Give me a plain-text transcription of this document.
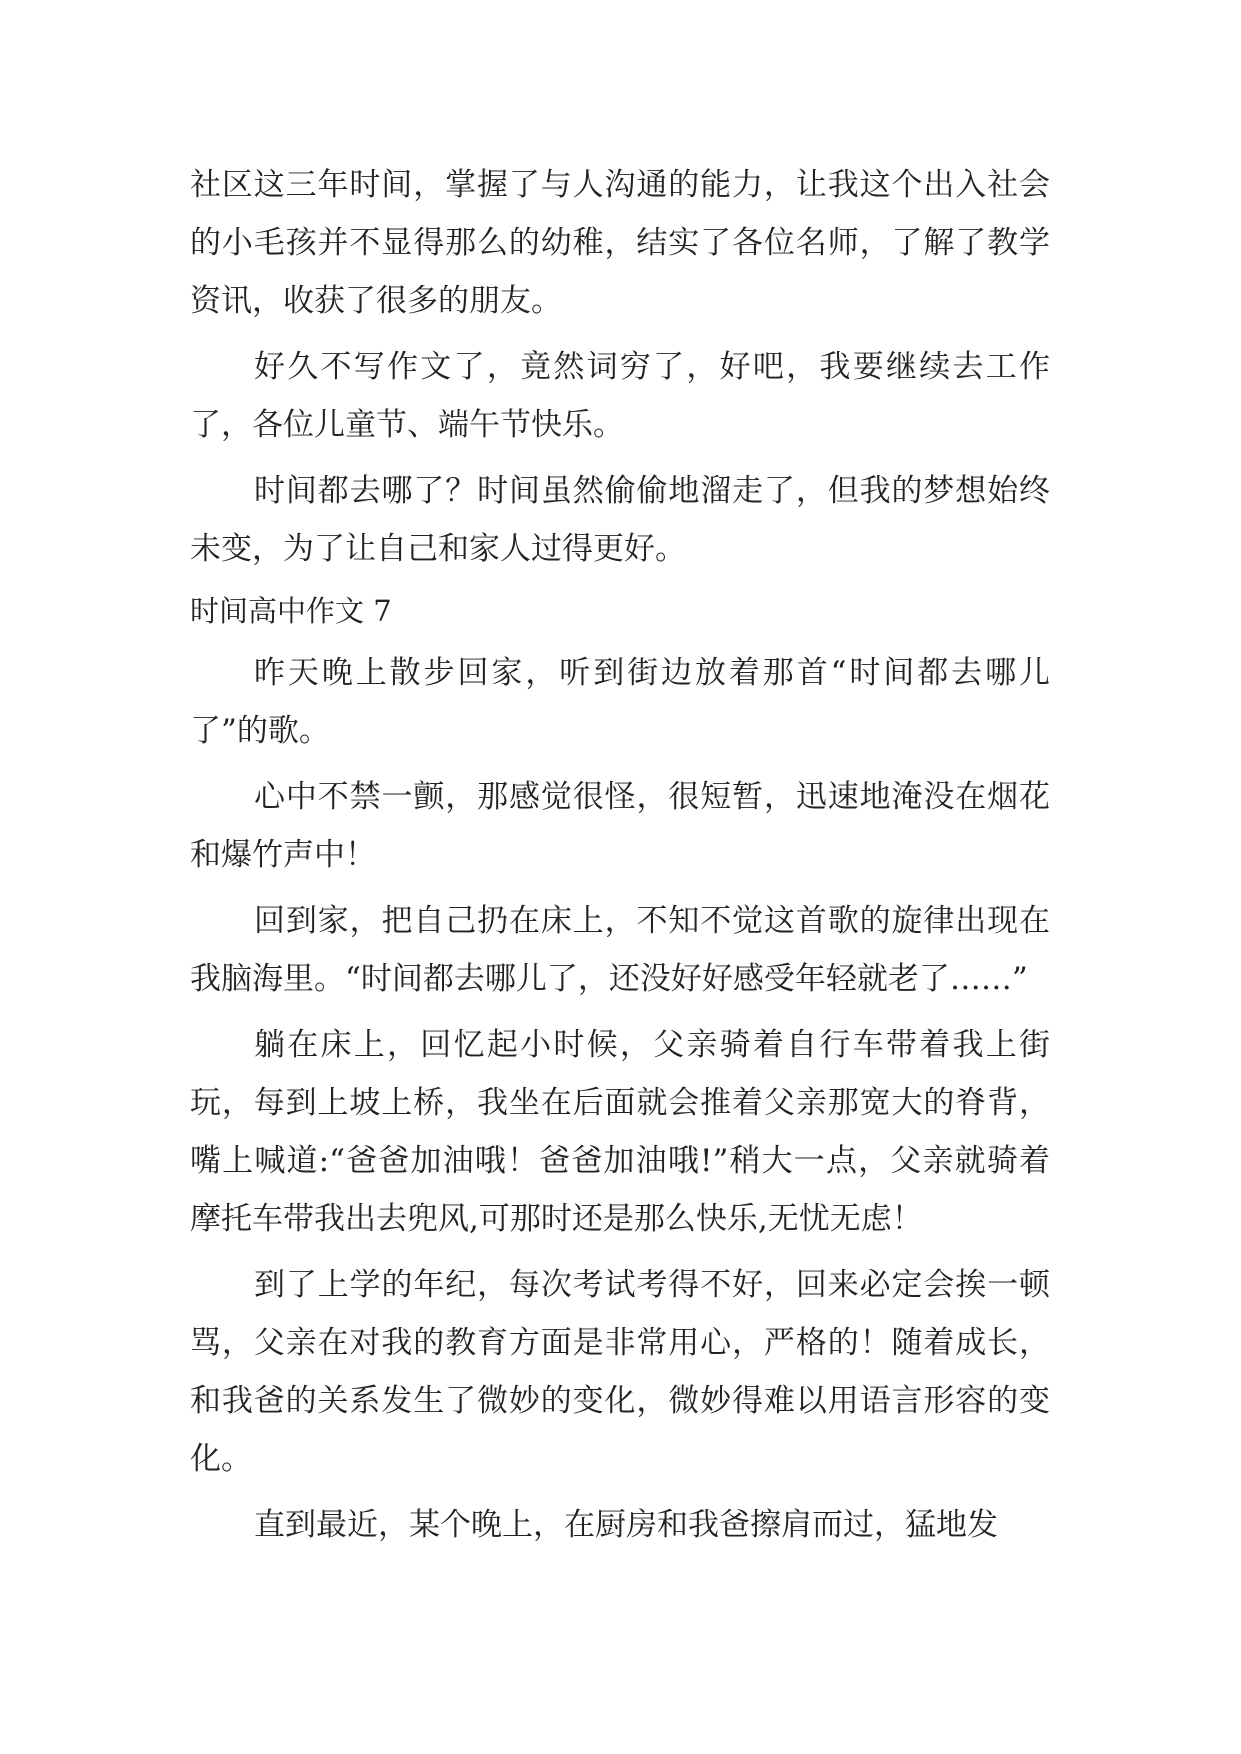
社区这三年时间，掌握了与人沟通的能力，让我这个出入社会的小毛孩并不显得那么的幼稚，结实了各位名师，了解了教学资讯，收获了很多的朋友。

好久不写作文了，竟然词穷了，好吧，我要继续去工作了，各位儿童节、端午节快乐。

时间都去哪了？时间虽然偷偷地溜走了，但我的梦想始终未变，为了让自己和家人过得更好。

时间高中作文 7

昨天晚上散步回家，听到街边放着那首“时间都去哪儿了”的歌。

心中不禁一颤，那感觉很怪，很短暂，迅速地淹没在烟花和爆竹声中！

回到家，把自己扔在床上，不知不觉这首歌的旋律出现在我脑海里。“时间都去哪儿了，还没好好感受年轻就老了……”

躺在床上，回忆起小时候，父亲骑着自行车带着我上街玩，每到上坡上桥，我坐在后面就会推着父亲那宽大的脊背，嘴上喊道:“爸爸加油哦！爸爸加油哦!”稍大一点，父亲就骑着摩托车带我出去兜风,可那时还是那么快乐,无忧无虑！

到了上学的年纪，每次考试考得不好，回来必定会挨一顿骂，父亲在对我的教育方面是非常用心，严格的！随着成长，和我爸的关系发生了微妙的变化，微妙得难以用语言形容的变化。

直到最近，某个晚上，在厨房和我爸擦肩而过，猛地发
